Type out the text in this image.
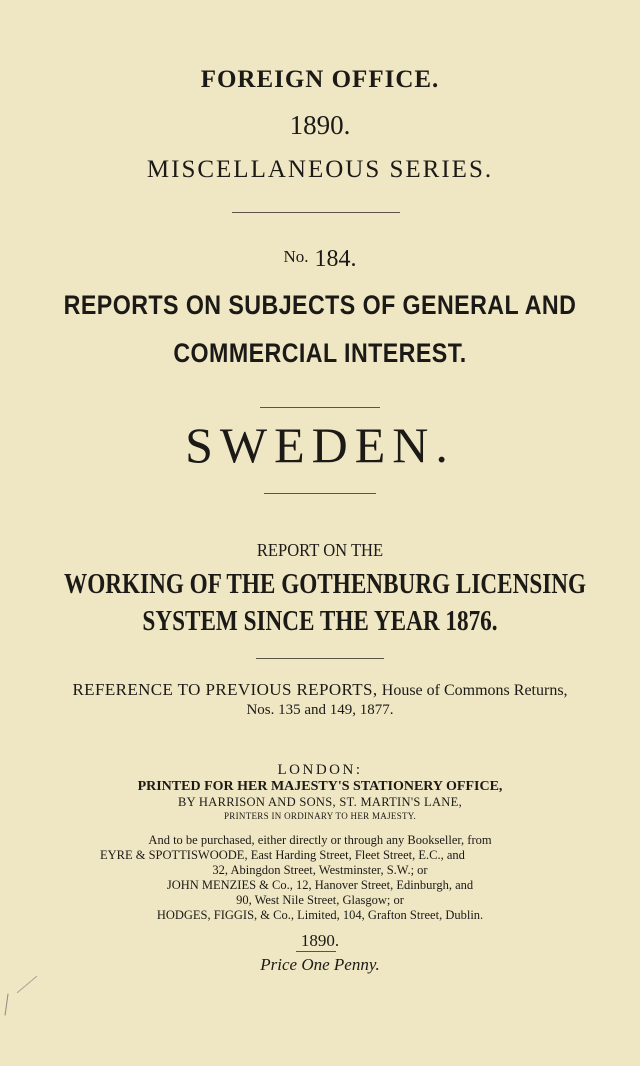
FOREIGN OFFICE.
1890.
MISCELLANEOUS SERIES.
No. 184.
REPORTS ON SUBJECTS OF GENERAL AND
COMMERCIAL INTEREST.
SWEDEN.
REPORT ON THE
WORKING OF THE GOTHENBURG LICENSING
SYSTEM SINCE THE YEAR 1876.
REFERENCE TO PREVIOUS REPORTS, House of Commons Returns,
Nos. 135 and 149, 1877.
LONDON:
PRINTED FOR HER MAJESTY'S STATIONERY OFFICE,
BY HARRISON AND SONS, ST. MARTIN'S LANE,
PRINTERS IN ORDINARY TO HER MAJESTY.
And to be purchased, either directly or through any Bookseller, from
EYRE & SPOTTISWOODE, East Harding Street, Fleet Street, E.C., and
32, Abingdon Street, Westminster, S.W.; or
JOHN MENZIES & Co., 12, Hanover Street, Edinburgh, and
90, West Nile Street, Glasgow; or
HODGES, FIGGIS, & Co., Limited, 104, Grafton Street, Dublin.
1890.
Price One Penny.
